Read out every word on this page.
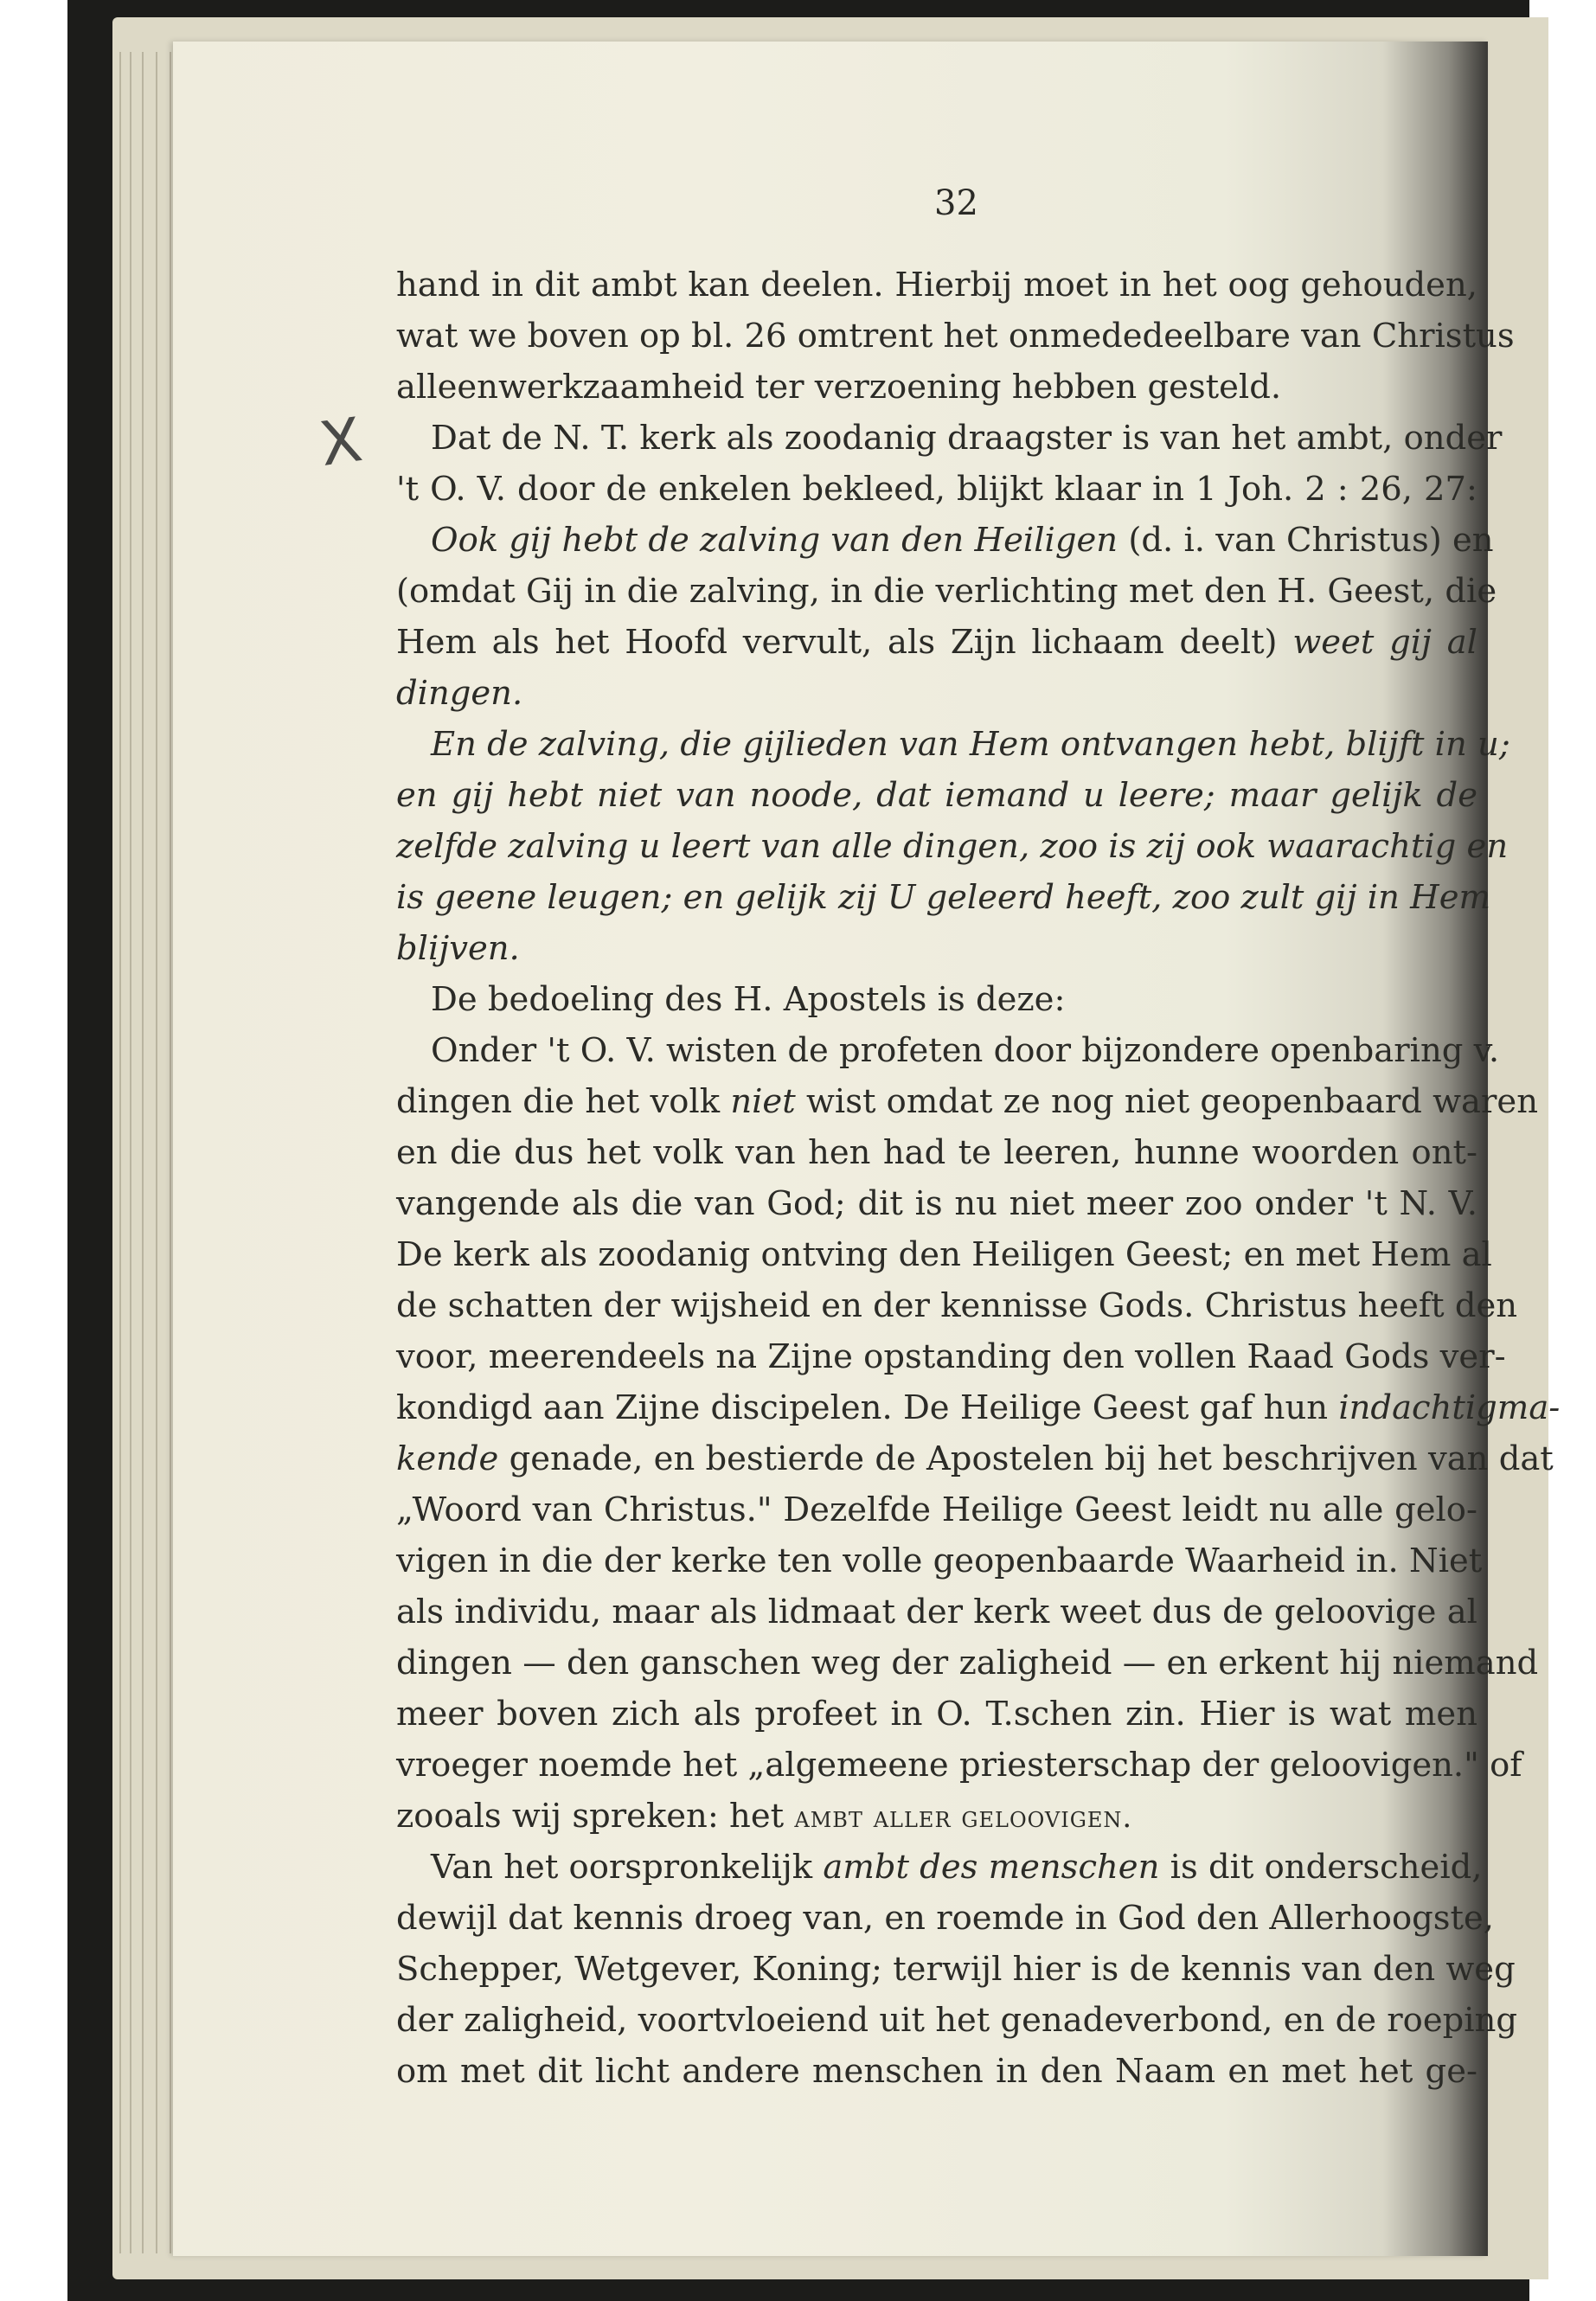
32
X
hand in dit ambt kan deelen. Hierbij moet in het oog gehouden,
wat we boven op bl. 26 omtrent het onmededeelbare van Christus
alleenwerkzaamheid ter verzoening hebben gesteld.
Dat de N. T. kerk als zoodanig draagster is van het ambt, onder
't O. V. door de enkelen bekleed, blijkt klaar in 1 Joh. 2 : 26, 27:
Ook gij hebt de zalving van den Heiligen (d. i. van Christus) en
(omdat Gij in die zalving, in die verlichting met den H. Geest, die
Hem als het Hoofd vervult, als Zijn lichaam deelt) weet gij al
dingen.
En de zalving, die gijlieden van Hem ontvangen hebt, blijft in u;
en gij hebt niet van noode, dat iemand u leere; maar gelijk de
zelfde zalving u leert van alle dingen, zoo is zij ook waarachtig en
is geene leugen; en gelijk zij U geleerd heeft, zoo zult gij in Hem
blijven.
De bedoeling des H. Apostels is deze:
Onder 't O. V. wisten de profeten door bijzondere openbaring v.
dingen die het volk niet wist omdat ze nog niet geopenbaard waren
en die dus het volk van hen had te leeren, hunne woorden ont-
vangende als die van God; dit is nu niet meer zoo onder 't N. V.
De kerk als zoodanig ontving den Heiligen Geest; en met Hem al
de schatten der wijsheid en der kennisse Gods. Christus heeft den
voor, meerendeels na Zijne opstanding den vollen Raad Gods ver-
kondigd aan Zijne discipelen. De Heilige Geest gaf hun indachtigma-
kende genade, en bestierde de Apostelen bij het beschrijven van dat
„Woord van Christus." Dezelfde Heilige Geest leidt nu alle gelo-
vigen in die der kerke ten volle geopenbaarde Waarheid in. Niet
als individu, maar als lidmaat der kerk weet dus de geloovige al
dingen — den ganschen weg der zaligheid — en erkent hij niemand
meer boven zich als profeet in O. T.schen zin. Hier is wat men
vroeger noemde het „algemeene priesterschap der geloovigen." of
zooals wij spreken: het ambt aller geloovigen.
Van het oorspronkelijk ambt des menschen is dit onderscheid,
dewijl dat kennis droeg van, en roemde in God den Allerhoogste,
Schepper, Wetgever, Koning; terwijl hier is de kennis van den weg
der zaligheid, voortvloeiend uit het genadeverbond, en de roeping
om met dit licht andere menschen in den Naam en met het ge-
